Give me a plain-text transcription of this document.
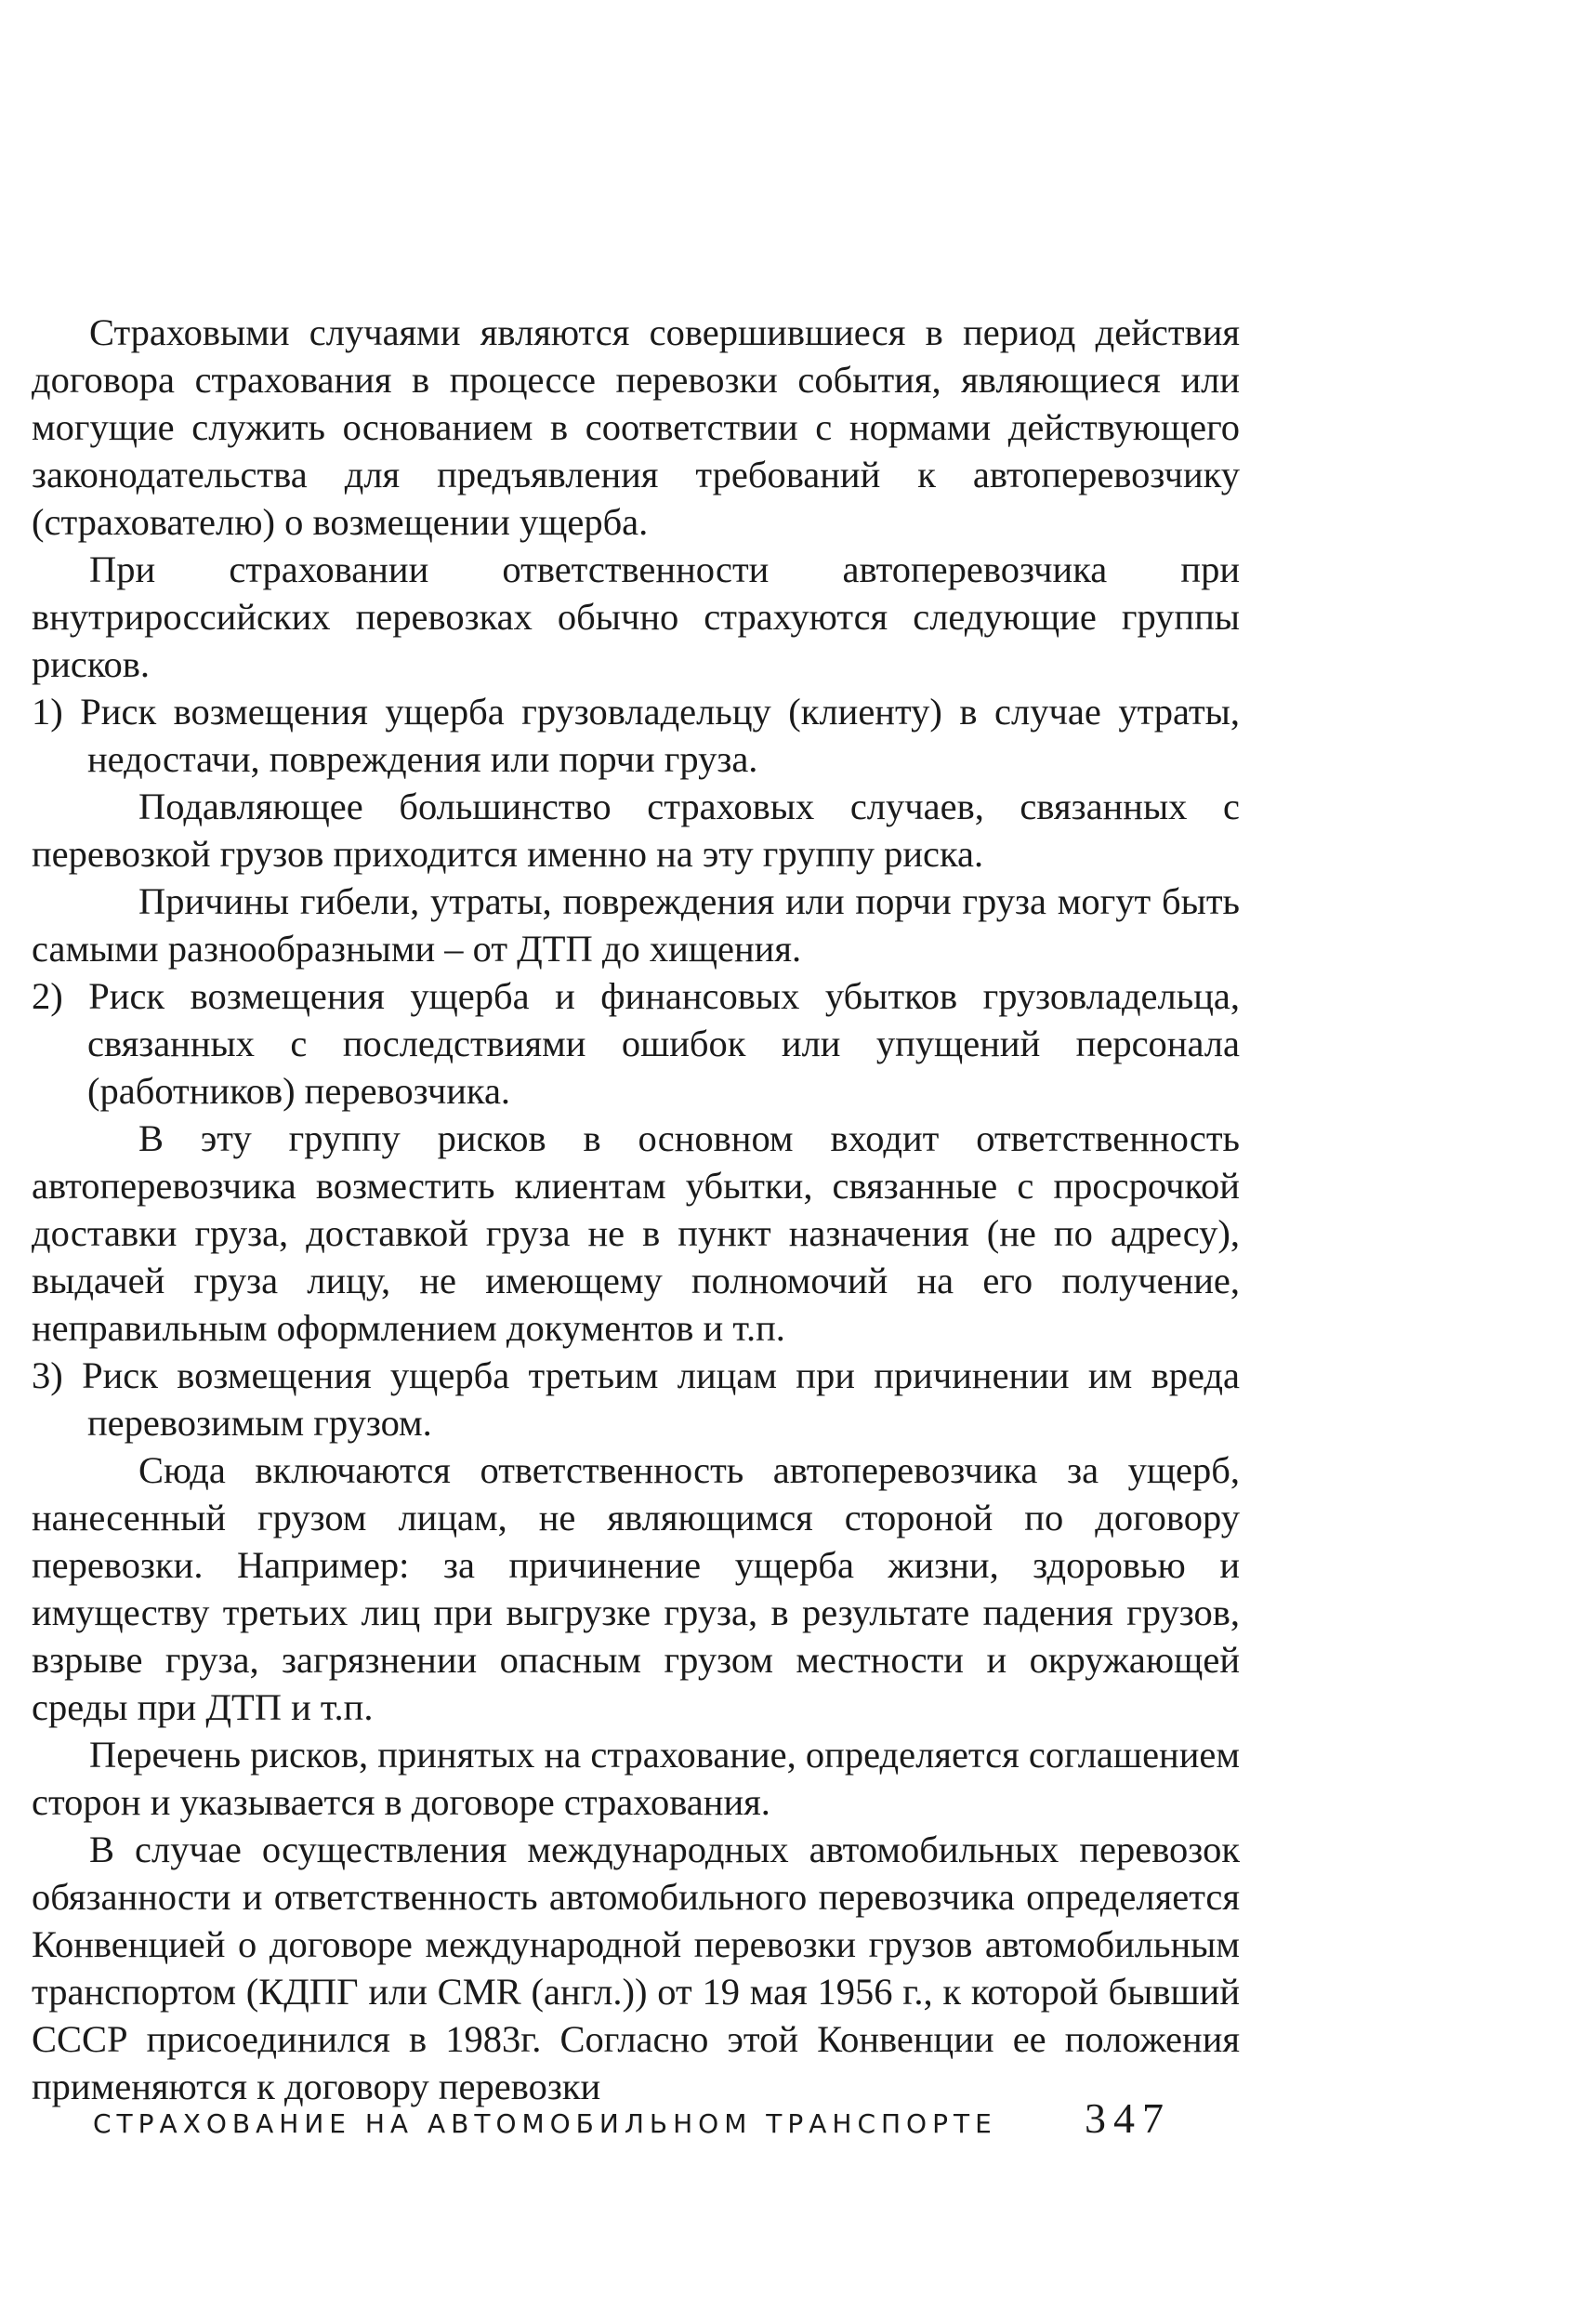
Страховыми случаями являются совершившиеся в период действия договора страхования в процессе перевозки события, являющиеся или могущие служить основанием в соответствии с нормами действующего законодательства для предъявления требований к автоперевозчику (страхователю) о возмещении ущерба.

При страховании ответственности автоперевозчика при внутрироссийских перевозках обычно страхуются следующие группы рисков.

1) Риск возмещения ущерба грузовладельцу (клиенту) в случае утраты, недостачи, повреждения или порчи груза.

Подавляющее большинство страховых случаев, связанных с перевозкой грузов приходится именно на эту группу риска.

Причины гибели, утраты, повреждения или порчи груза могут быть самыми разнообразными – от ДТП до хищения.

2) Риск возмещения ущерба и финансовых убытков грузовладельца, связанных с последствиями ошибок или упущений персонала (работников) перевозчика.

В эту группу рисков в основном входит ответственность автоперевозчика возместить клиентам убытки, связанные с просрочкой доставки груза, доставкой груза не в пункт назначения (не по адресу), выдачей груза лицу, не имеющему полномочий на его получение, неправильным оформлением документов и т.п.

3) Риск возмещения ущерба третьим лицам при причинении им вреда перевозимым грузом.

Сюда включаются ответственность автоперевозчика за ущерб, нанесенный грузом лицам, не являющимся стороной по договору перевозки. Например: за причинение ущерба жизни, здоровью и имуществу третьих лиц при выгрузке груза, в результате падения грузов, взрыве груза, загрязнении опасным грузом местности и окружающей среды при ДТП и т.п.

Перечень рисков, принятых на страхование, определяется соглашением сторон и указывается в договоре страхования.

В случае осуществления международных автомобильных перевозок обязанности и ответственность автомобильного перевозчика определяется Конвенцией о договоре международной перевозки грузов автомобильным транспортом (КДПГ или CMR (англ.)) от 19 мая 1956 г., к которой бывший СССР присоединился в 1983г. Согласно этой Конвенции ее положения применяются к договору перевозки

СТРАХОВАНИЕ НА АВТОМОБИЛЬНОМ ТРАНСПОРТЕ 347
